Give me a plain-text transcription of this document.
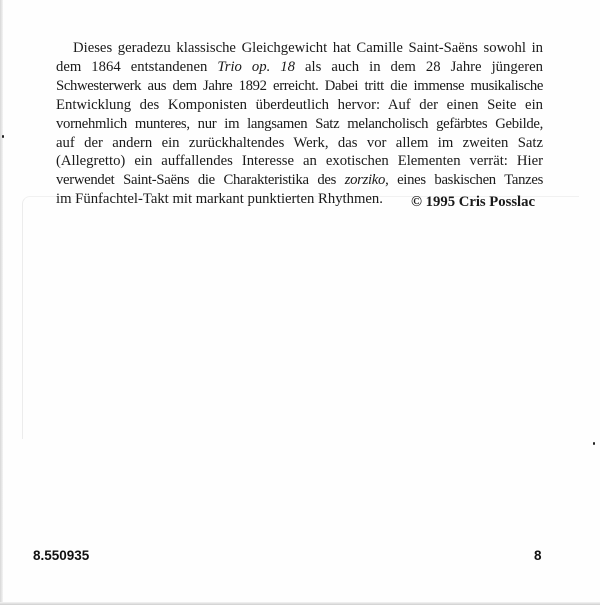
Dieses geradezu klassische Gleichgewicht hat Camille Saint-Saëns sowohl in
dem 1864 entstandenen Trio op. 18 als auch in dem 28 Jahre jüngeren
Schwesterwerk aus dem Jahre 1892 erreicht. Dabei tritt die immense musikalische
Entwicklung des Komponisten überdeutlich hervor: Auf der einen Seite ein
vornehmlich munteres, nur im langsamen Satz melancholisch gefärbtes Gebilde,
auf der andern ein zurückhaltendes Werk, das vor allem im zweiten Satz
(Allegretto) ein auffallendes Interesse an exotischen Elementen verrät: Hier
verwendet Saint-Saëns die Charakteristika des zorziko, eines baskischen Tanzes
im Fünfachtel-Takt mit markant punktierten Rhythmen.	© 1995 Cris Posslac

8.550935	8
